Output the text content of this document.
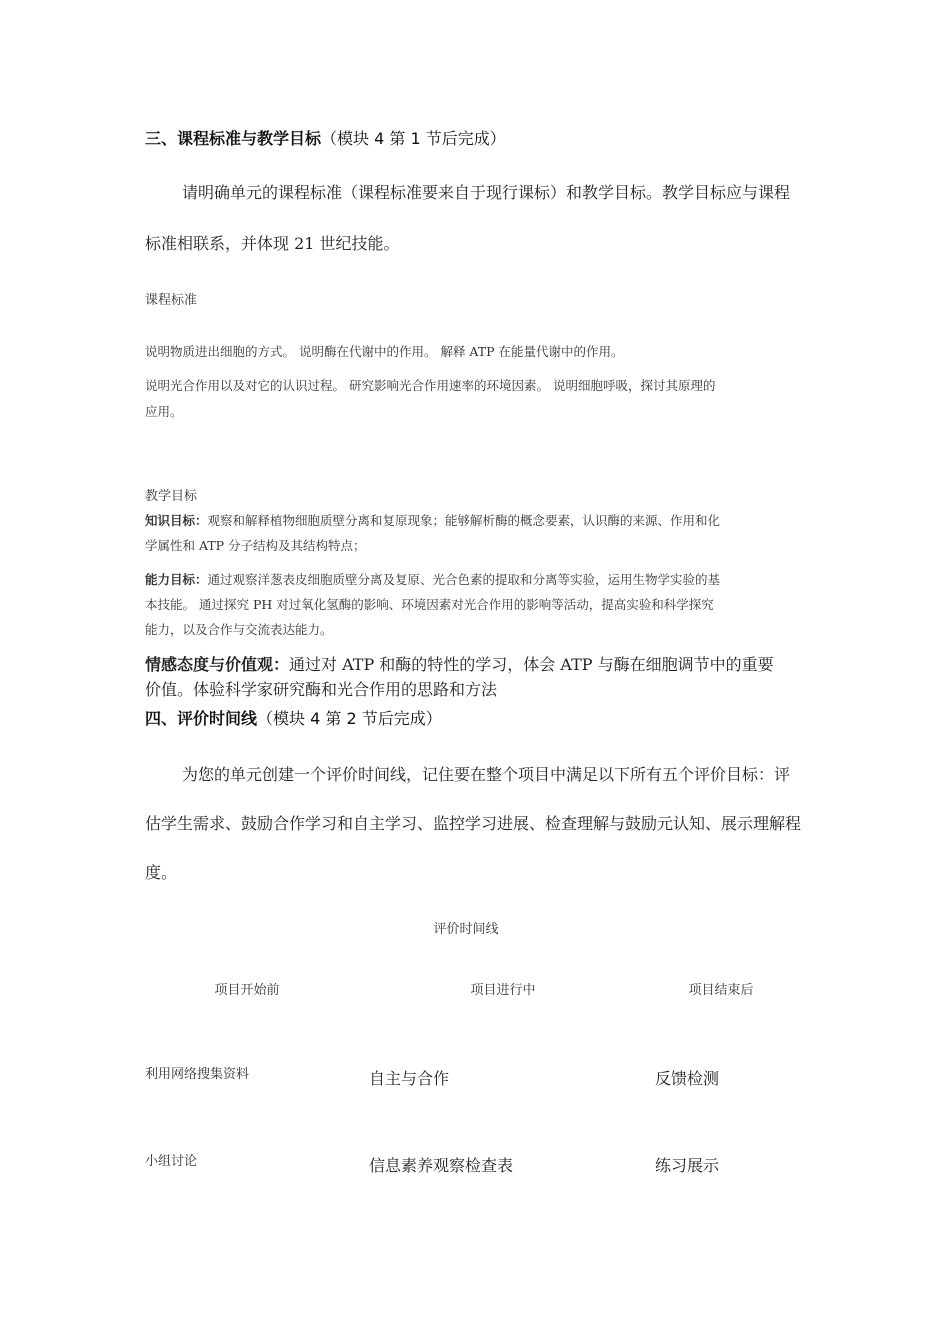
三、课程标准与教学目标（模块 4 第 1 节后完成）
请明确单元的课程标准（课程标准要来自于现行课标）和教学目标。教学目标应与课程
标准相联系，并体现 21 世纪技能。
课程标准
说明物质进出细胞的方式。 说明酶在代谢中的作用。 解释 ATP 在能量代谢中的作用。
说明光合作用以及对它的认识过程。 研究影响光合作用速率的环境因素。 说明细胞呼吸，探讨其原理的
应用。
教学目标
知识目标：观察和解释植物细胞质壁分离和复原现象；能够解析酶的概念要素，认识酶的来源、作用和化
学属性和 ATP 分子结构及其结构特点；
能力目标：通过观察洋葱表皮细胞质壁分离及复原、光合色素的提取和分离等实验，运用生物学实验的基
本技能。 通过探究 PH 对过氧化氢酶的影响、环境因素对光合作用的影响等活动，提高实验和科学探究
能力，以及合作与交流表达能力。
情感态度与价值观：通过对 ATP 和酶的特性的学习，体会 ATP 与酶在细胞调节中的重要
价值。体验科学家研究酶和光合作用的思路和方法
四、评价时间线（模块 4 第 2 节后完成）
为您的单元创建一个评价时间线，记住要在整个项目中满足以下所有五个评价目标：评
估学生需求、鼓励合作学习和自主学习、监控学习进展、检查理解与鼓励元认知、展示理解程
度。
评价时间线
项目开始前	项目进行中	项目结束后
利用网络搜集资料	自主与合作	反馈检测
小组讨论	信息素养观察检查表	练习展示
